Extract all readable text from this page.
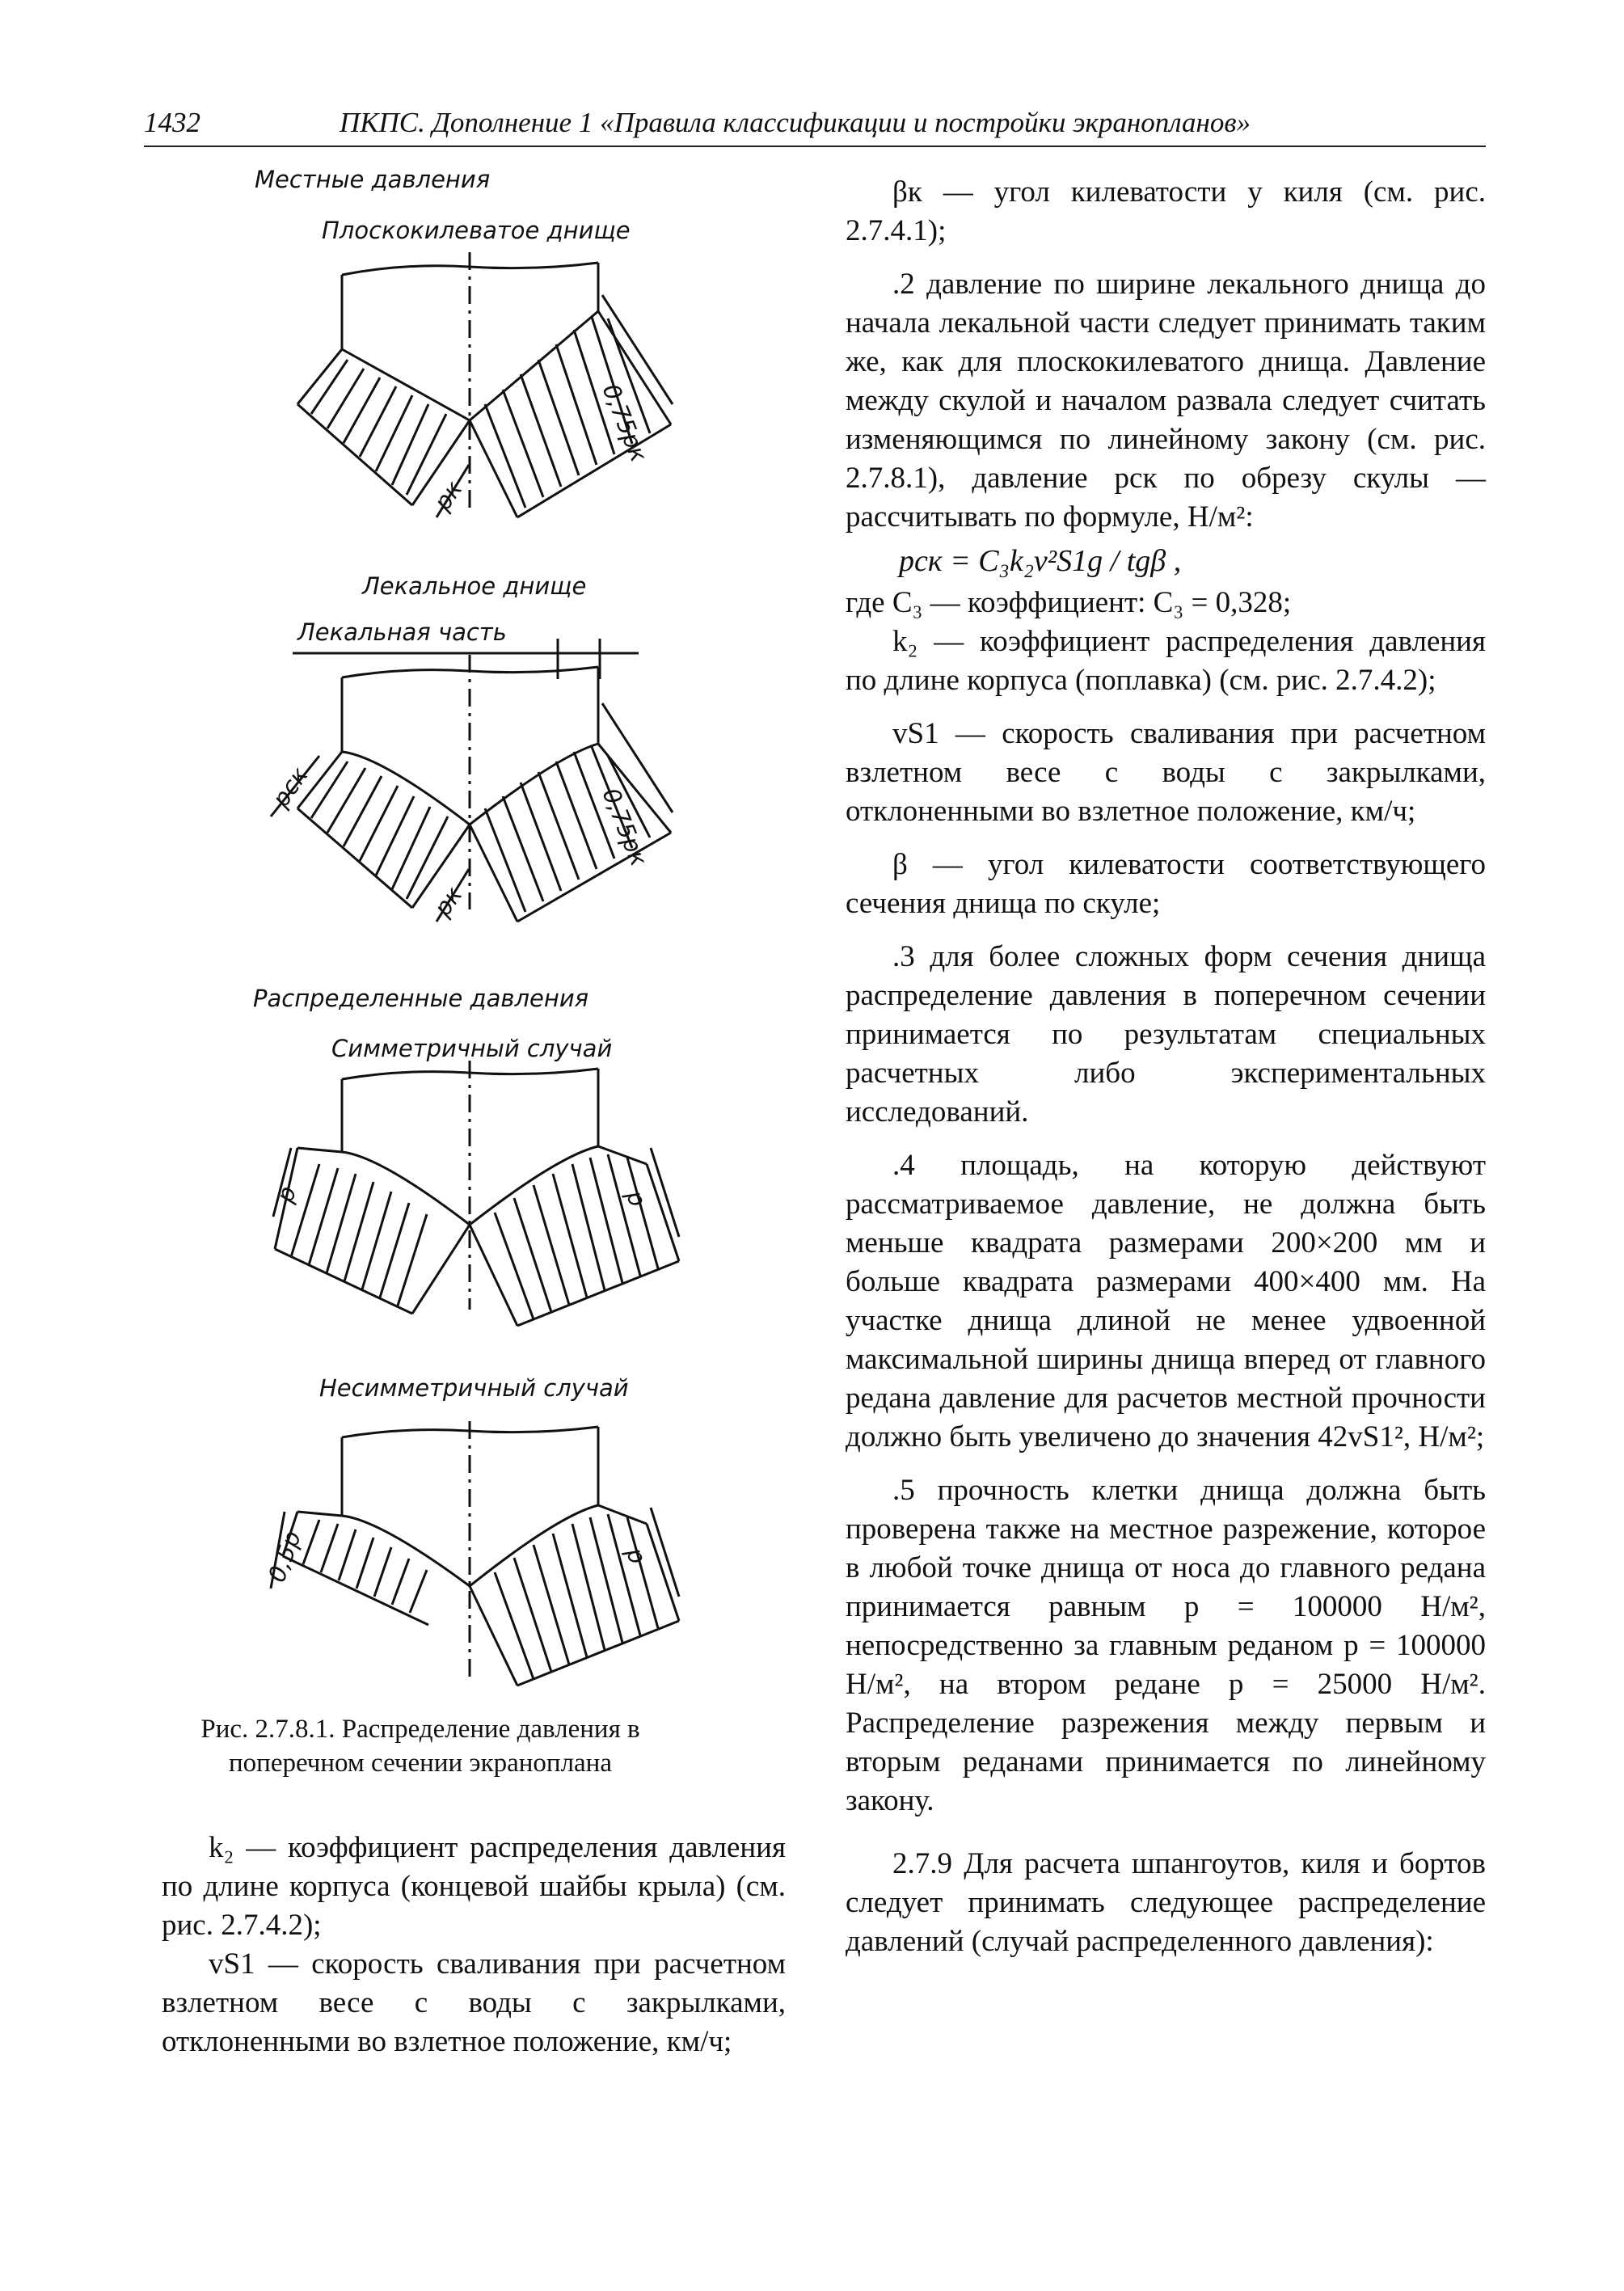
1432	ПКПС. Дополнение 1 «Правила классификации и постройки экранопланов»
Местные давления
Плоскокилеватое днище
0,75pк
pк
Лекальное днище
Лекальная часть
0,75pк
pск
pк
Распределенные давления
Симметричный случай
p	p
Несимметричный случай
0,5p	p
Рис. 2.7.8.1. Распределение давления в поперечном сечении экраноплана

k₂ — коэффициент распределения давления по длине корпуса (концевой шайбы крыла) (см. рис. 2.7.4.2);

vS1 — скорость сваливания при расчетном взлетном весе с воды с закрылками, отклоненными во взлетное положение, км/ч;

βк — угол килеватости у киля (см. рис. 2.7.4.1);

.2 давление по ширине лекального днища до начала лекальной части следует принимать таким же, как для плоскокилеватого днища. Давление между скулой и началом развала следует считать изменяющимся по линейному закону (см. рис. 2.7.8.1), давление pск по обрезу скулы — рассчитывать по формуле, Н/м²:

pск = C₃k₂v²S1g / tgβ ,

где C₃ — коэффициент: C₃ = 0,328;

k₂ — коэффициент распределения давления по длине корпуса (поплавка) (см. рис. 2.7.4.2);

vS1 — скорость сваливания при расчетном взлетном весе с воды с закрылками, отклоненными во взлетное положение, км/ч;

β — угол килеватости соответствующего сечения днища по скуле;

.3 для более сложных форм сечения днища распределение давления в поперечном сечении принимается по результатам специальных расчетных либо экспериментальных исследований.

.4 площадь, на которую действуют рассматриваемое давление, не должна быть меньше квадрата размерами 200×200 мм и больше квадрата размерами 400×400 мм. На участке днища длиной не менее удвоенной максимальной ширины днища вперед от главного редана давление для расчетов местной прочности должно быть увеличено до значения 42vS1², Н/м²;

.5 прочность клетки днища должна быть проверена также на местное разрежение, которое в любой точке днища от носа до главного редана принимается равным p = 100000 Н/м², непосредственно за главным реданом p = 100000 Н/м², на втором редане p = 25000 Н/м². Распределение разрежения между первым и вторым реданами принимается по линейному закону.

2.7.9 Для расчета шпангоутов, киля и бортов следует принимать следующее распределение давлений (случай распределенного давления):
